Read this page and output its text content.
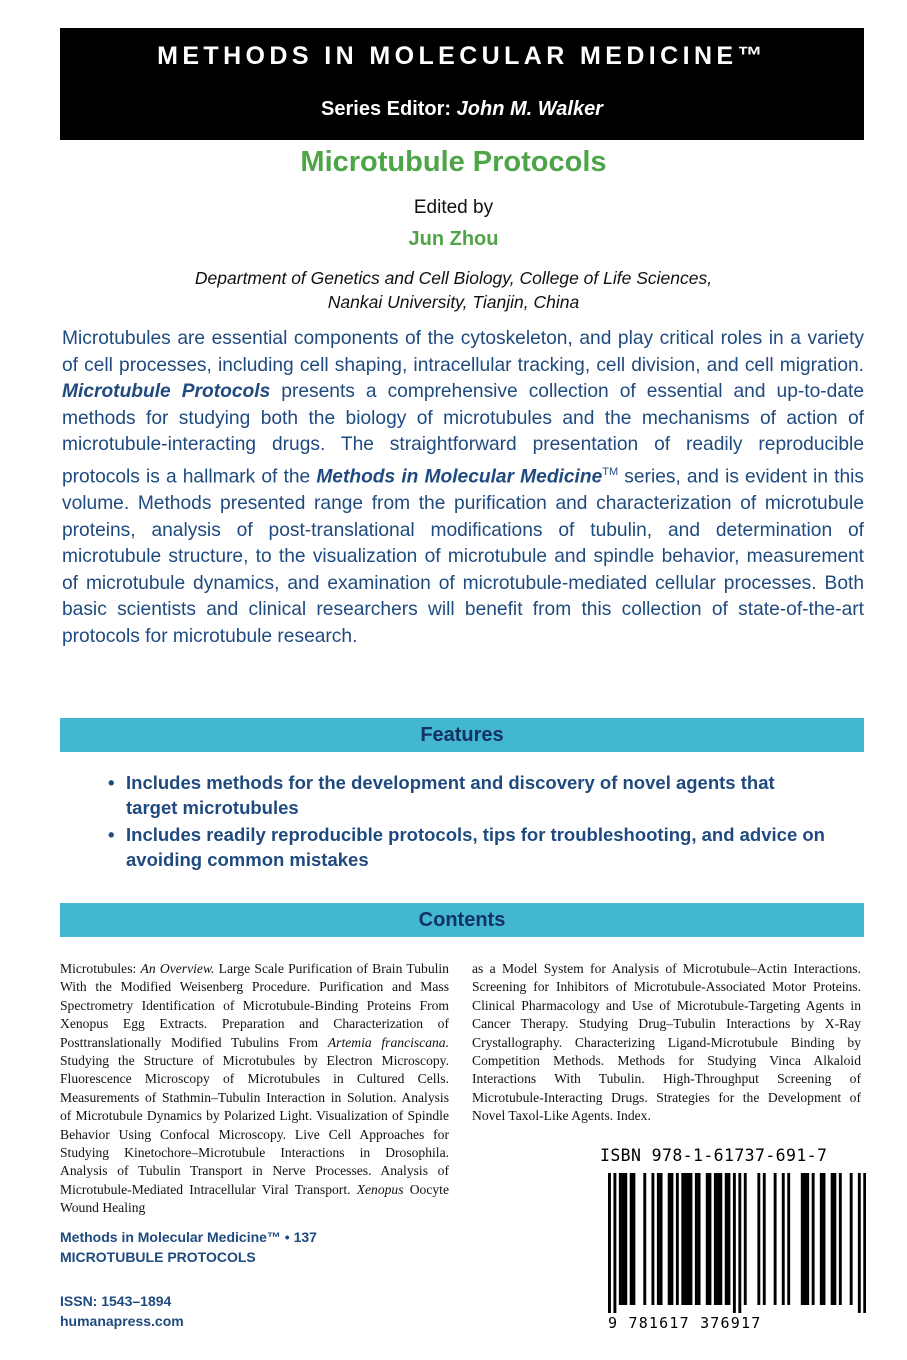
METHODS IN MOLECULAR MEDICINE™
Series Editor: John M. Walker
Microtubule Protocols
Edited by
Jun Zhou
Department of Genetics and Cell Biology, College of Life Sciences,
Nankai University, Tianjin, China

Microtubules are essential components of the cytoskeleton, and play critical roles in a variety of cell processes, including cell shaping, intracellular tracking, cell division, and cell migration. Microtubule Protocols presents a comprehensive collection of essential and up-to-date methods for studying both the biology of microtubules and the mechanisms of action of microtubule-interacting drugs. The straightforward presentation of readily reproducible protocols is a hallmark of the Methods in Molecular Medicine™ series, and is evident in this volume. Methods presented range from the purification and characterization of microtubule proteins, analysis of post-translational modifications of tubulin, and determination of microtubule structure, to the visualization of microtubule and spindle behavior, measurement of microtubule dynamics, and examination of microtubule-mediated cellular processes. Both basic scientists and clinical researchers will benefit from this collection of state-of-the-art protocols for microtubule research.

Features
• Includes methods for the development and discovery of novel agents that target microtubules
• Includes readily reproducible protocols, tips for troubleshooting, and advice on avoiding common mistakes
Contents

Microtubules: An Overview. Large Scale Purification of Brain Tubulin With the Modified Weisenberg Procedure. Purification and Mass Spectrometry Identification of Microtubule-Binding Proteins From Xenopus Egg Extracts. Preparation and Characterization of Posttranslationally Modified Tubulins From Artemia franciscana. Studying the Structure of Microtubules by Electron Microscopy. Fluorescence Microscopy of Microtubules in Cultured Cells. Measurements of Stathmin–Tubulin Interaction in Solution. Analysis of Microtubule Dynamics by Polarized Light. Visualization of Spindle Behavior Using Confocal Microscopy. Live Cell Approaches for Studying Kinetochore–Microtubule Interactions in Drosophila. Analysis of Tubulin Transport in Nerve Processes. Analysis of Microtubule-Mediated Intracellular Viral Transport. Xenopus Oocyte Wound Healing

as a Model System for Analysis of Microtubule–Actin Interactions. Screening for Inhibitors of Microtubule-Associated Motor Proteins. Clinical Pharmacology and Use of Microtubule-Targeting Agents in Cancer Therapy. Studying Drug–Tubulin Interactions by X-Ray Crystallography. Characterizing Ligand-Microtubule Binding by Competition Methods. Methods for Studying Vinca Alkaloid Interactions With Tubulin. High-Throughput Screening of Microtubule-Interacting Drugs. Strategies for the Development of Novel Taxol-Like Agents. Index.

Methods in Molecular Medicine™ • 137
MICROTUBULE PROTOCOLS
ISSN: 1543–1894
humanapress.com
ISBN 978-1-61737-691-7
9 781617 376917
